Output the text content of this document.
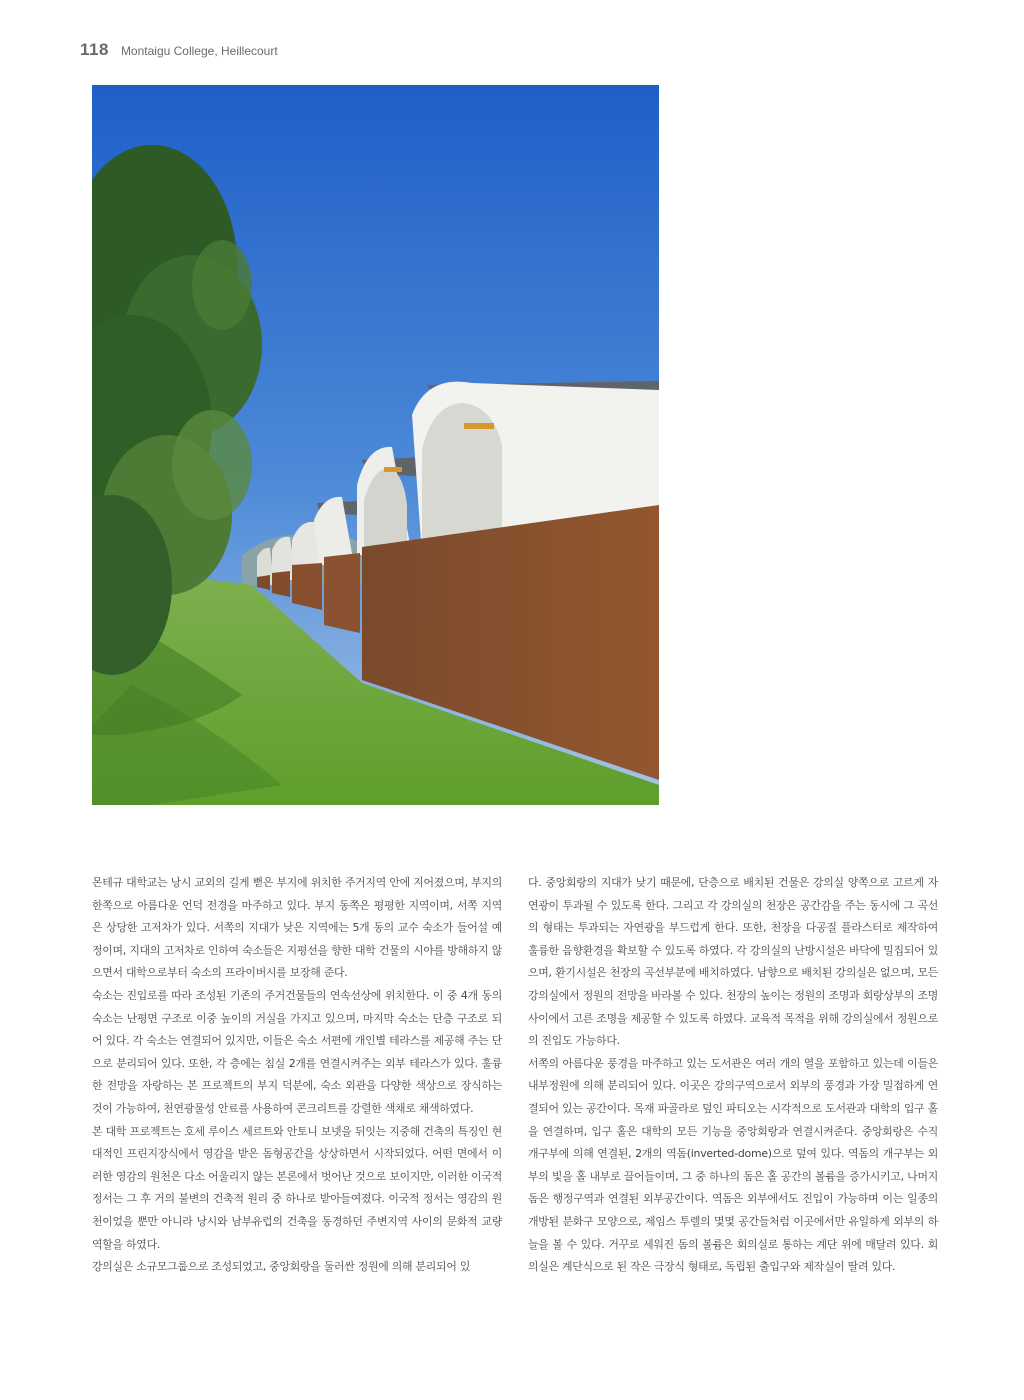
118 Montaigu College, Heillecourt

몬테규 대학교는 낭시 교외의 길게 뻗은 부지에 위치한 주거지역 안에 지어졌으며, 부지의 한쪽으로 아름다운 언덕 전경을 마주하고 있다. 부지 동쪽은 평평한 지역이며, 서쪽 지역은 상당한 고저차가 있다. 서쪽의 지대가 낮은 지역에는 5개 동의 교수 숙소가 들어설 예정이며, 지대의 고저차로 인하여 숙소들은 지평선을 향한 대학 건물의 시야를 방해하지 않으면서 대학으로부터 숙소의 프라이버시를 보장해 준다.

숙소는 진입로를 따라 조성된 기존의 주거건물들의 연속선상에 위치한다. 이 중 4개 동의 숙소는 난평면 구조로 이중 높이의 거실을 가지고 있으며, 마지막 숙소는 단층 구조로 되어 있다. 각 숙소는 연결되어 있지만, 이들은 숙소 서편에 개인별 테라스를 제공해 주는 단으로 분리되어 있다. 또한, 각 층에는 침실 2개를 연결시켜주는 외부 테라스가 있다. 훌륭한 전망을 자랑하는 본 프로젝트의 부지 덕분에, 숙소 외관을 다양한 색상으로 장식하는 것이 가능하여, 천연광물성 안료를 사용하여 콘크리트를 강렬한 색채로 채색하였다.

본 대학 프로젝트는 호세 루이스 세르트와 안토니 보넷을 뒤잇는 지중해 건축의 특징인 현대적인 프린지장식에서 영감을 받은 돔형공간을 상상하면서 시작되었다. 어떤 면에서 이러한 영감의 원천은 다소 어울리지 않는 본론에서 벗어난 것으로 보이지만, 이러한 이국적 정서는 그 후 거의 불변의 건축적 원리 중 하나로 받아들여졌다. 이국적 정서는 영감의 원천이었을 뿐만 아니라 낭시와 남부유럽의 건축을 동경하던 주변지역 사이의 문화적 교량역할을 하였다.

강의실은 소규모그룹으로 조성되었고, 중앙회랑을 둘러싼 정원에 의해 분리되어 있

다. 중앙회랑의 지대가 낮기 때문에, 단층으로 배치된 건물은 강의실 양쪽으로 고르게 자연광이 투과될 수 있도록 한다. 그리고 각 강의실의 천장은 공간감을 주는 동시에 그 곡선의 형태는 투과되는 자연광을 부드럽게 한다. 또한, 천장을 다공질 플라스터로 제작하여 훌륭한 음향환경을 확보할 수 있도록 하였다. 각 강의실의 난방시설은 바닥에 밀집되어 있으며, 환기시설은 천장의 곡선부분에 배치하였다. 남향으로 배치된 강의실은 없으며, 모든 강의실에서 정원의 전망을 바라볼 수 있다. 천장의 높이는 정원의 조명과 회랑상부의 조명사이에서 고른 조명을 제공할 수 있도록 하였다. 교육적 목적을 위해 강의실에서 정원으로의 진입도 가능하다.

서쪽의 아름다운 풍경을 마주하고 있는 도서관은 여러 개의 열을 포함하고 있는데 이들은 내부정원에 의해 분리되어 있다. 이곳은 강의구역으로서 외부의 풍경과 가장 밀접하게 연결되어 있는 공간이다. 목재 파골라로 덮인 파티오는 시각적으로 도서관과 대학의 입구 홀을 연결하며, 입구 홀은 대학의 모든 기능을 중앙회랑과 연결시켜준다. 중앙회랑은 수직 개구부에 의해 연결된, 2개의 역돔(inverted-dome)으로 덮여 있다. 역돔의 개구부는 외부의 빛을 홀 내부로 끌어들이며, 그 중 하나의 돔은 홀 공간의 볼륨을 증가시키고, 나머지 돔은 행정구역과 연결된 외부공간이다. 역돔은 외부에서도 진입이 가능하며 이는 일종의 개방된 분화구 모양으로, 제임스 투렐의 몇몇 공간들처럼 이곳에서만 유일하게 외부의 하늘을 볼 수 있다. 거꾸로 세워진 돔의 볼륨은 회의실로 통하는 계단 위에 매달려 있다. 회의실은 계단식으로 된 작은 극장식 형태로, 독립된 출입구와 제작실이 딸려 있다.
